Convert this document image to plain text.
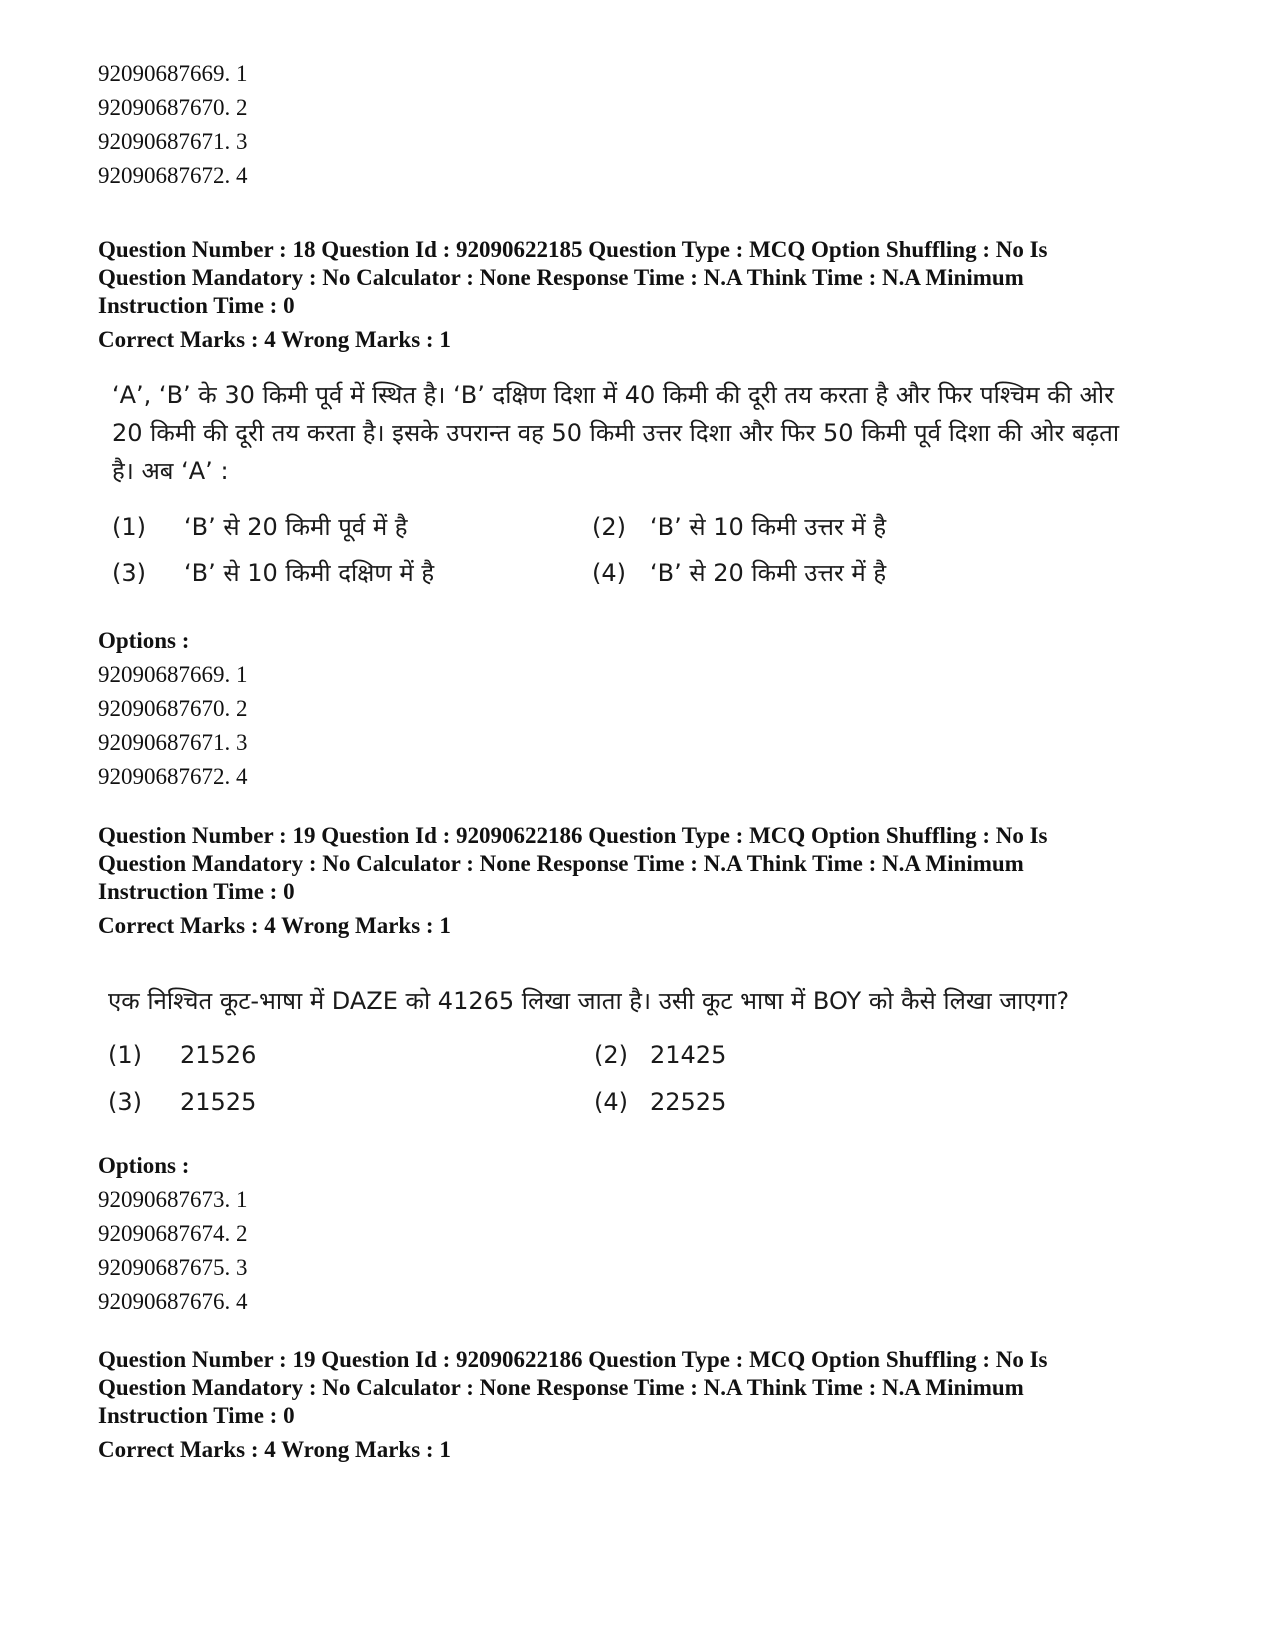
92090687669. 1
92090687670. 2
92090687671. 3
92090687672. 4
Question Number : 18 Question Id : 92090622185 Question Type : MCQ Option Shuffling : No Is
Question Mandatory : No Calculator : None Response Time : N.A Think Time : N.A Minimum
Instruction Time : 0
Correct Marks : 4 Wrong Marks : 1
‘A’, ‘B’ के 30 किमी पूर्व में स्थित है। ‘B’ दक्षिण दिशा में 40 किमी की दूरी तय करता है और फिर पश्चिम की ओर 20 किमी की दूरी तय करता है। इसके उपरान्त वह 50 किमी उत्तर दिशा और फिर 50 किमी पूर्व दिशा की ओर बढ़ता है। अब ‘A’ :
(1) ‘B’ से 20 किमी पूर्व में है	(2) ‘B’ से 10 किमी उत्तर में है
(3) ‘B’ से 10 किमी दक्षिण में है	(4) ‘B’ से 20 किमी उत्तर में है
Options :
92090687669. 1
92090687670. 2
92090687671. 3
92090687672. 4
Question Number : 19 Question Id : 92090622186 Question Type : MCQ Option Shuffling : No Is
Question Mandatory : No Calculator : None Response Time : N.A Think Time : N.A Minimum
Instruction Time : 0
Correct Marks : 4 Wrong Marks : 1
एक निश्चित कूट-भाषा में DAZE को 41265 लिखा जाता है। उसी कूट भाषा में BOY को कैसे लिखा जाएगा?
(1) 21526	(2) 21425
(3) 21525	(4) 22525
Options :
92090687673. 1
92090687674. 2
92090687675. 3
92090687676. 4
Question Number : 19 Question Id : 92090622186 Question Type : MCQ Option Shuffling : No Is
Question Mandatory : No Calculator : None Response Time : N.A Think Time : N.A Minimum
Instruction Time : 0
Correct Marks : 4 Wrong Marks : 1
